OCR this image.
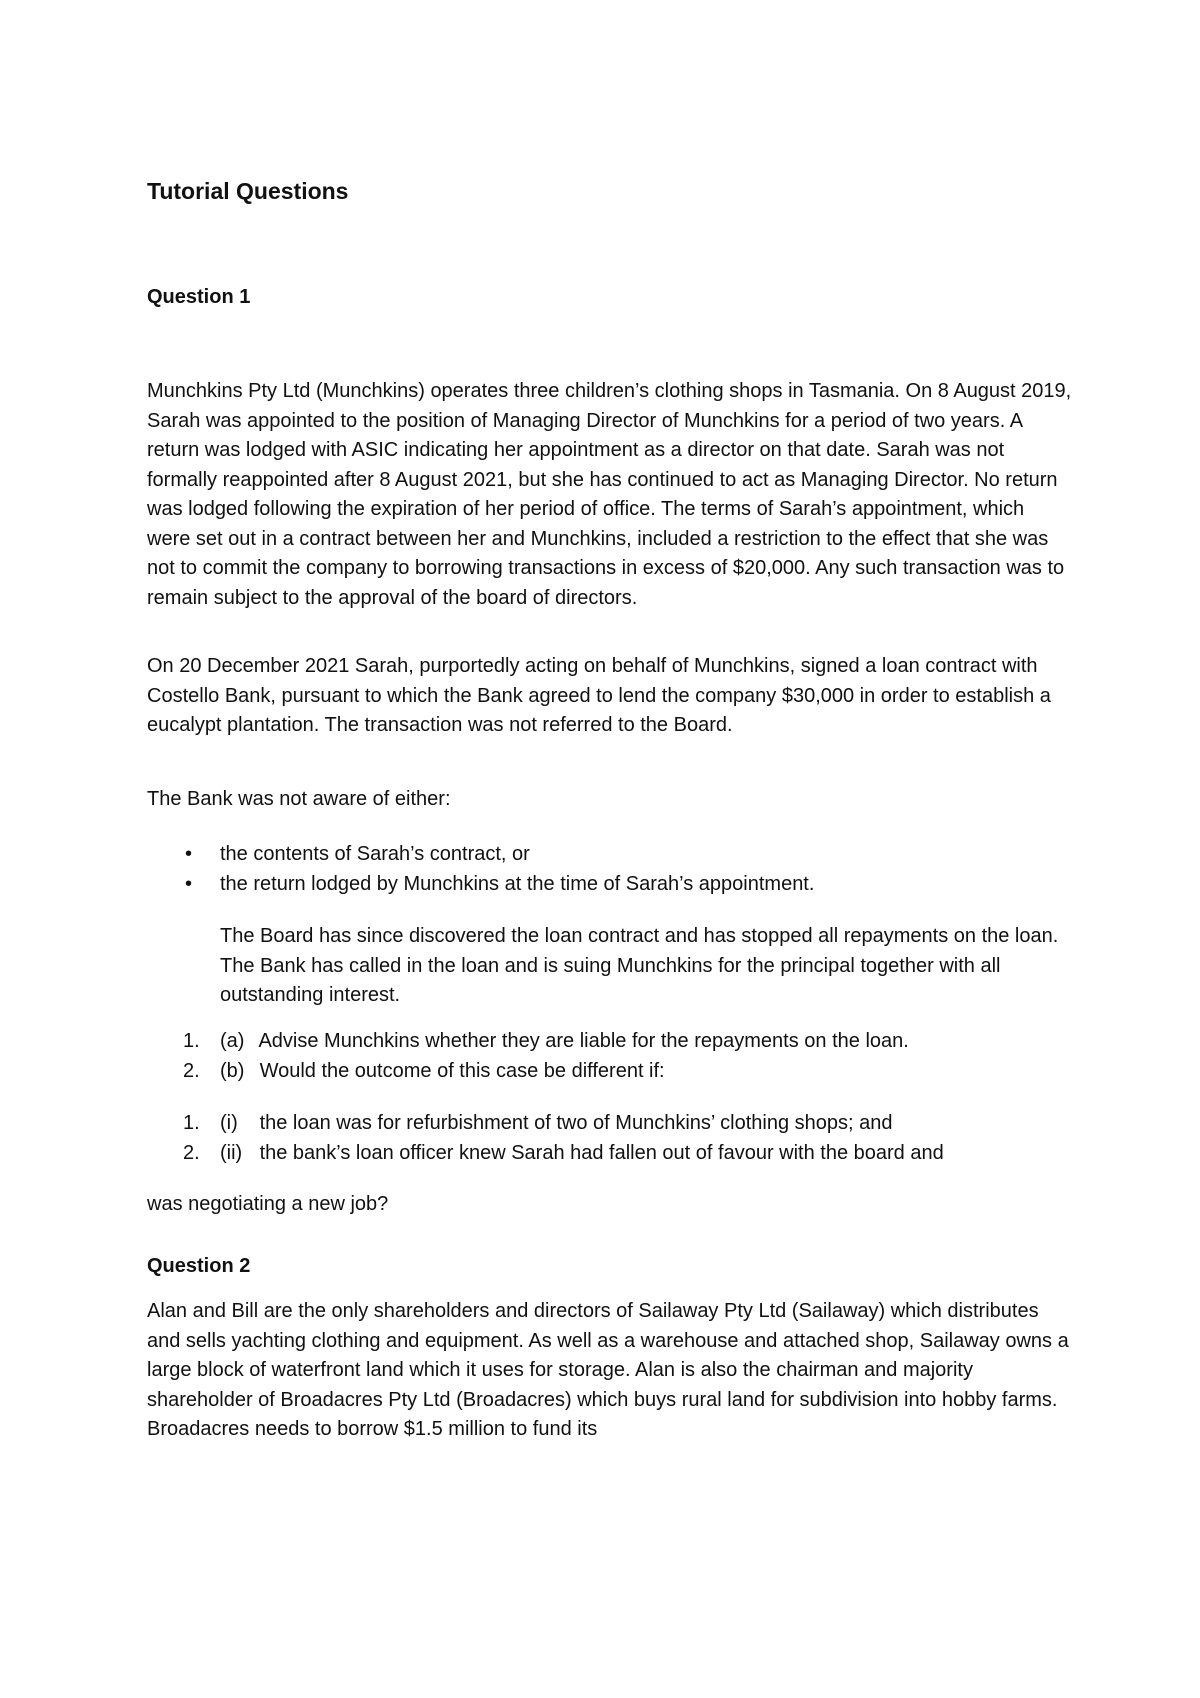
Tutorial Questions
Question 1

Munchkins Pty Ltd (Munchkins) operates three children’s clothing shops in Tasmania. On 8 August 2019, Sarah was appointed to the position of Managing Director of Munchkins for a period of two years. A return was lodged with ASIC indicating her appointment as a director on that date. Sarah was not formally reappointed after 8 August 2021, but she has continued to act as Managing Director. No return was lodged following the expiration of her period of office. The terms of Sarah’s appointment, which were set out in a contract between her and Munchkins, included a restriction to the effect that she was not to commit the company to borrowing transactions in excess of $20,000. Any such transaction was to remain subject to the approval of the board of directors.

On 20 December 2021 Sarah, purportedly acting on behalf of Munchkins, signed a loan contract with Costello Bank, pursuant to which the Bank agreed to lend the company $30,000 in order to establish a eucalypt plantation. The transaction was not referred to the Board.

The Bank was not aware of either:

• the contents of Sarah’s contract, or
• the return lodged by Munchkins at the time of Sarah’s appointment.

The Board has since discovered the loan contract and has stopped all repayments on the loan. The Bank has called in the loan and is suing Munchkins for the principal together with all outstanding interest.

1. (a) Advise Munchkins whether they are liable for the repayments on the loan.
2. (b) Would the outcome of this case be different if:
1. (i) the loan was for refurbishment of two of Munchkins’ clothing shops; and
2. (ii) the bank’s loan officer knew Sarah had fallen out of favour with the board and

was negotiating a new job?

Question 2

Alan and Bill are the only shareholders and directors of Sailaway Pty Ltd (Sailaway) which distributes and sells yachting clothing and equipment. As well as a warehouse and attached shop, Sailaway owns a large block of waterfront land which it uses for storage. Alan is also the chairman and majority shareholder of Broadacres Pty Ltd (Broadacres) which buys rural land for subdivision into hobby farms. Broadacres needs to borrow $1.5 million to fund its
